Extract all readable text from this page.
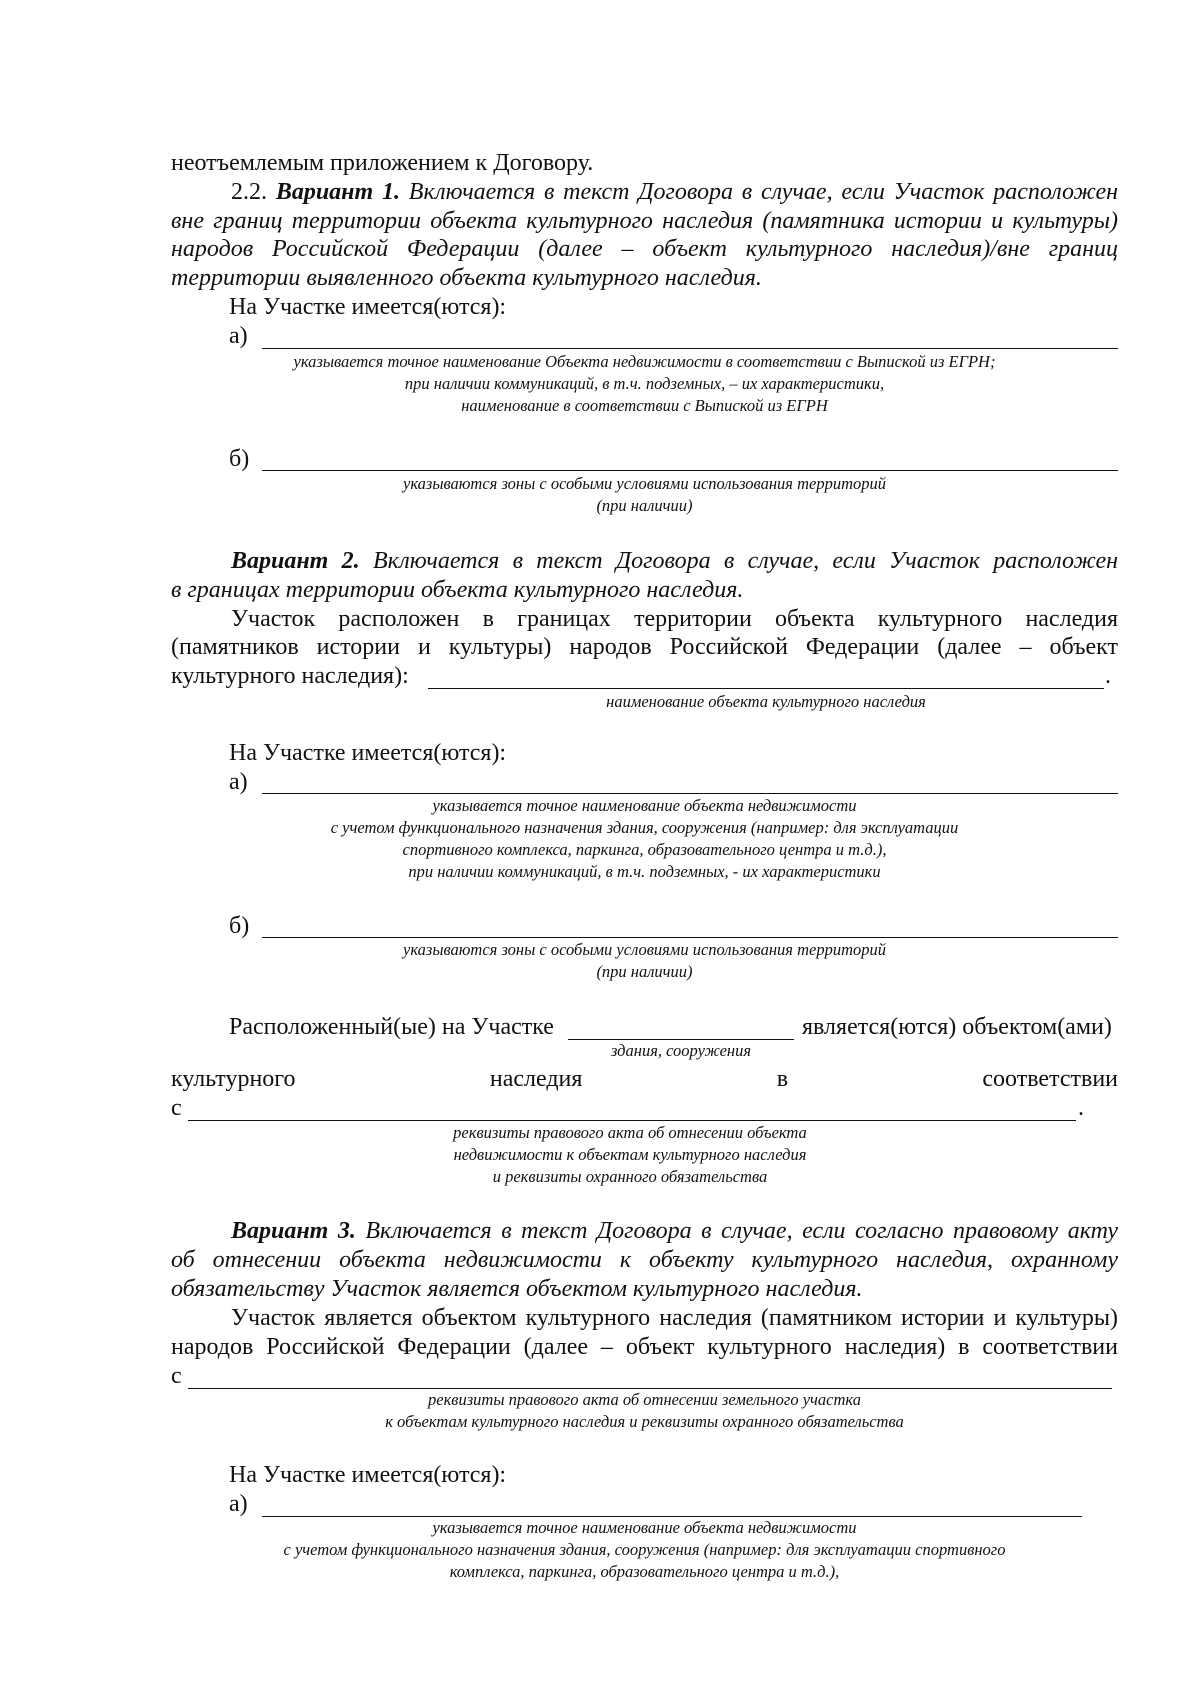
неотъемлемым приложением к Договору.
2.2. Вариант 1. Включается в текст Договора в случае, если Участок расположен
вне границ территории объекта культурного наследия (памятника истории и культуры)
народов Российской Федерации (далее – объект культурного наследия)/вне границ
территории выявленного объекта культурного наследия.
На Участке имеется(ются):
а)
указывается точное наименование Объекта недвижимости в соответствии с Выпиской из ЕГРН;
при наличии коммуникаций, в т.ч. подземных, – их характеристики,
наименование в соответствии с Выпиской из ЕГРН
б)
указываются зоны с особыми условиями использования территорий
(при наличии)
Вариант 2. Включается в текст Договора в случае, если Участок расположен
в границах территории объекта культурного наследия.
Участок расположен в границах территории объекта культурного наследия
(памятников истории и культуры) народов Российской Федерации (далее – объект
культурного наследия):	.
наименование объекта культурного наследия
На Участке имеется(ются):
а)
указывается точное наименование объекта недвижимости
с учетом функционального назначения здания, сооружения (например: для эксплуатации
спортивного комплекса, паркинга, образовательного центра и т.д.),
при наличии коммуникаций, в т.ч. подземных, - их характеристики
б)
указываются зоны с особыми условиями использования территорий
(при наличии)
Расположенный(ые) на Участке	является(ются) объектом(ами)
здания, сооружения
культурного	наследия	в	соответствии
с	.
реквизиты правового акта об отнесении объекта
недвижимости к объектам культурного наследия
и реквизиты охранного обязательства
Вариант 3. Включается в текст Договора в случае, если согласно правовому акту
об отнесении объекта недвижимости к объекту культурного наследия, охранному
обязательству Участок является объектом культурного наследия.
Участок является объектом культурного наследия (памятником истории и культуры)
народов Российской Федерации (далее – объект культурного наследия) в соответствии
с
реквизиты правового акта об отнесении земельного участка
к объектам культурного наследия и реквизиты охранного обязательства
На Участке имеется(ются):
а)
указывается точное наименование объекта недвижимости
с учетом функционального назначения здания, сооружения (например: для эксплуатации спортивного
комплекса, паркинга, образовательного центра и т.д.),
